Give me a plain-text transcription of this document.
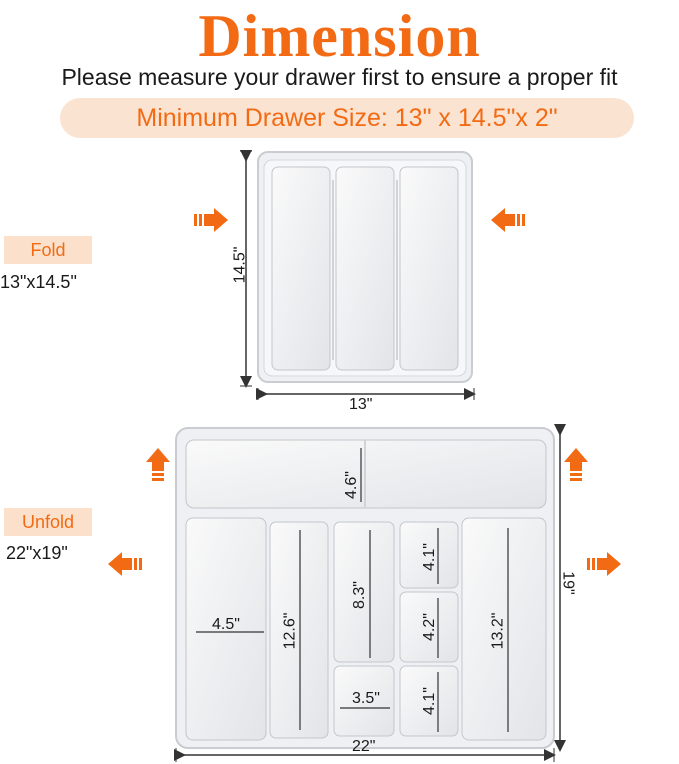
Dimension
Please measure your drawer first to ensure a proper fit
Minimum Drawer Size: 13" x 14.5"x 2"
Fold
13"x14.5"
Unfold
22"x19"
14.5"
13"
22"
19"
4.6"
4.5"	12.6"
8.3"
3.5"
4.1"
4.2"
4.1"
13.2"
